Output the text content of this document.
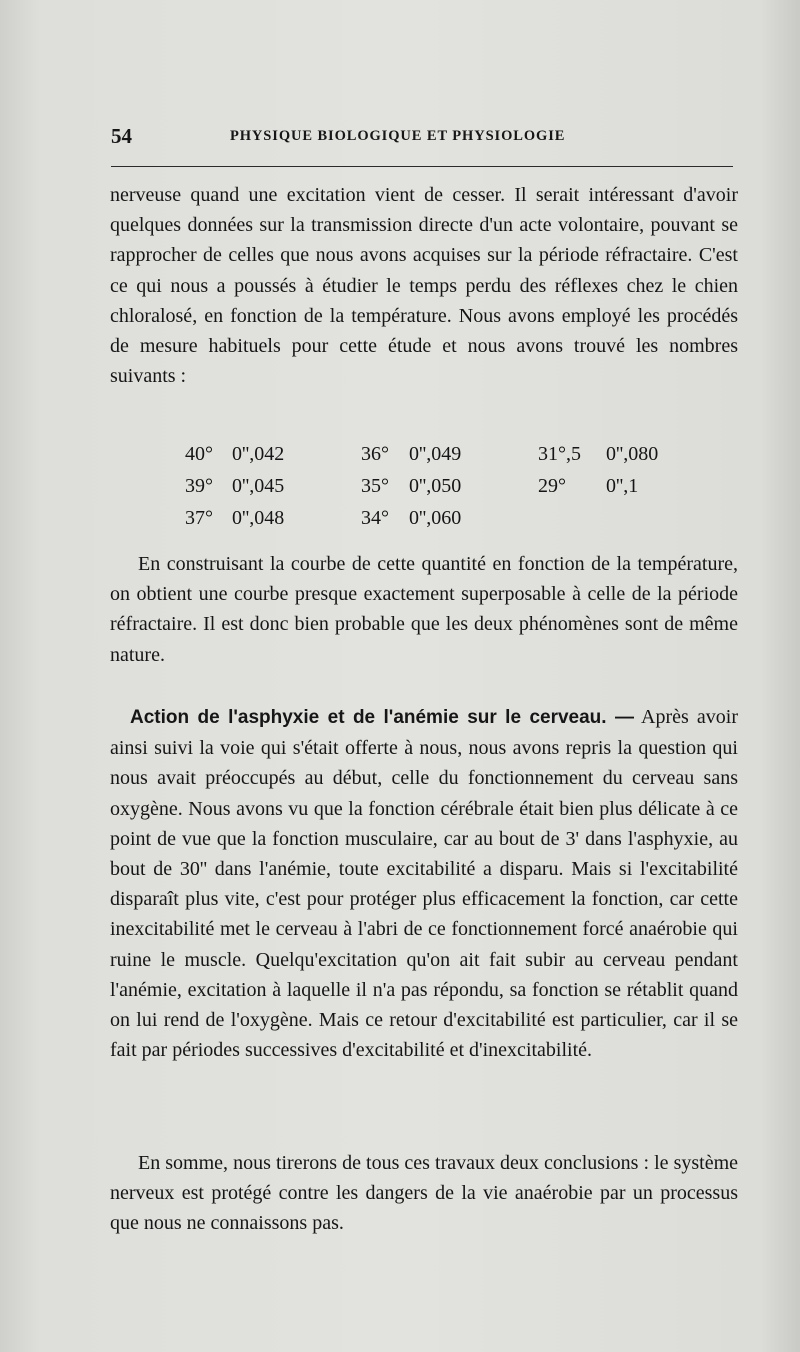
54	PHYSIQUE BIOLOGIQUE ET PHYSIOLOGIE
nerveuse quand une excitation vient de cesser. Il serait intéressant d'avoir quelques données sur la transmission directe d'un acte volontaire, pouvant se rapprocher de celles que nous avons acquises sur la période réfractaire. C'est ce qui nous a poussés à étudier le temps perdu des réflexes chez le chien chloralosé, en fonction de la température. Nous avons employé les procédés de mesure habituels pour cette étude et nous avons trouvé les nombres suivants :
40° 0'',042
39° 0'',045
37° 0'',048
36° 0'',049
35° 0'',050
34° 0'',060
31°,5 0'',080
29° 0'',1
En construisant la courbe de cette quantité en fonction de la température, on obtient une courbe presque exactement superposable à celle de la période réfractaire. Il est donc bien probable que les deux phénomènes sont de même nature.
Action de l'asphyxie et de l'anémie sur le cerveau. — Après avoir ainsi suivi la voie qui s'était offerte à nous, nous avons repris la question qui nous avait préoccupés au début, celle du fonctionnement du cerveau sans oxygène. Nous avons vu que la fonction cérébrale était bien plus délicate à ce point de vue que la fonction musculaire, car au bout de 3' dans l'asphyxie, au bout de 30'' dans l'anémie, toute excitabilité a disparu. Mais si l'excitabilité disparaît plus vite, c'est pour protéger plus efficacement la fonction, car cette inexcitabilité met le cerveau à l'abri de ce fonctionnement forcé anaérobie qui ruine le muscle. Quelqu'excitation qu'on ait fait subir au cerveau pendant l'anémie, excitation à laquelle il n'a pas répondu, sa fonction se rétablit quand on lui rend de l'oxygène. Mais ce retour d'excitabilité est particulier, car il se fait par périodes successives d'excitabilité et d'inexcitabilité.
En somme, nous tirerons de tous ces travaux deux conclusions : le système nerveux est protégé contre les dangers de la vie anaérobie par un processus que nous ne connaissons pas.
